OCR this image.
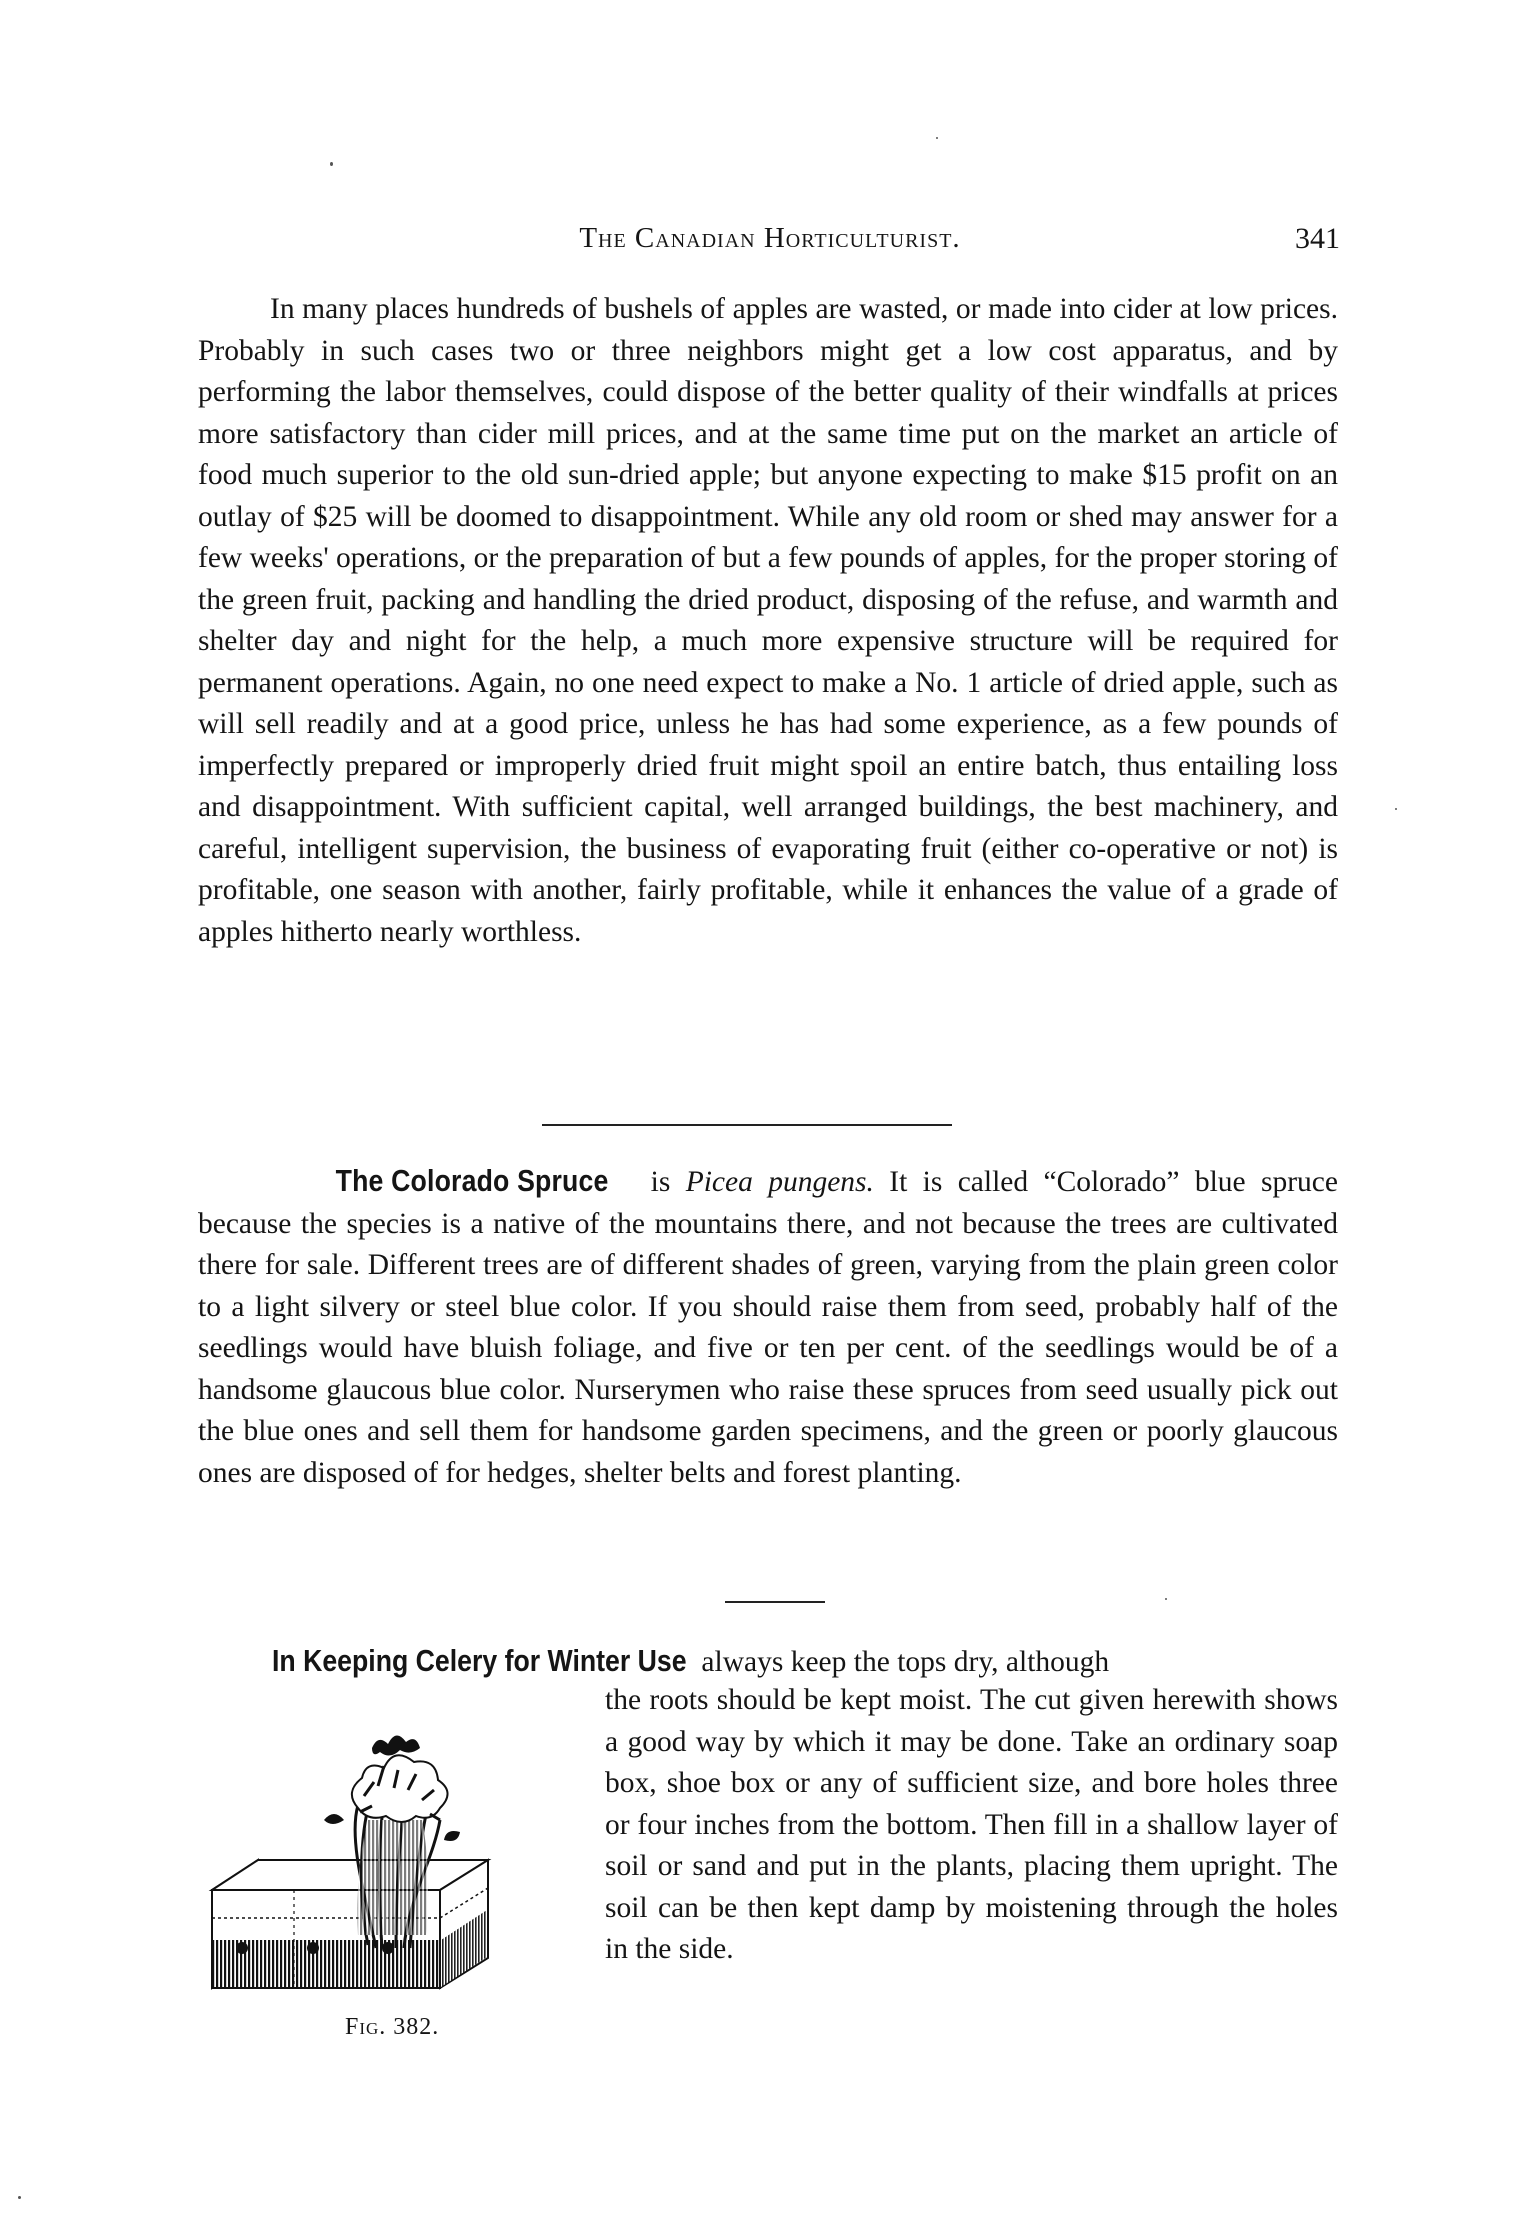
The Canadian Horticulturist.	341

In many places hundreds of bushels of apples are wasted, or made into cider at low prices. Probably in such cases two or three neighbors might get a low cost apparatus, and by performing the labor themselves, could dispose of the better quality of their windfalls at prices more satisfactory than cider mill prices, and at the same time put on the market an article of food much superior to the old sun-dried apple; but anyone expecting to make $15 profit on an outlay of $25 will be doomed to disappointment. While any old room or shed may answer for a few weeks' operations, or the preparation of but a few pounds of apples, for the proper storing of the green fruit, packing and handling the dried product, disposing of the refuse, and warmth and shelter day and night for the help, a much more expensive structure will be required for permanent operations. Again, no one need expect to make a No. 1 article of dried apple, such as will sell readily and at a good price, unless he has had some experience, as a few pounds of imperfectly prepared or improperly dried fruit might spoil an entire batch, thus entailing loss and disappointment. With sufficient capital, well arranged buildings, the best machinery, and careful, intelligent supervision, the business of evaporating fruit (either co-operative or not) is profitable, one season with another, fairly profitable, while it enhances the value of a grade of apples hitherto nearly worthless.

The Colorado Spruce is Picea pungens. It is called “Colorado” blue spruce because the species is a native of the mountains there, and not because the trees are cultivated there for sale. Different trees are of different shades of green, varying from the plain green color to a light silvery or steel blue color. If you should raise them from seed, probably half of the seedlings would have bluish foliage, and five or ten per cent. of the seedlings would be of a handsome glaucous blue color. Nurserymen who raise these spruces from seed usually pick out the blue ones and sell them for handsome garden specimens, and the green or poorly glaucous ones are disposed of for hedges, shelter belts and forest planting.

In Keeping Celery for Winter Use always keep the tops dry, although

Fig. 382.

the roots should be kept moist. The cut given herewith shows a good way by which it may be done. Take an ordinary soap box, shoe box or any of sufficient size, and bore holes three or four inches from the bottom. Then fill in a shallow layer of soil or sand and put in the plants, placing them upright. The soil can be then kept damp by moistening through the holes in the side.
